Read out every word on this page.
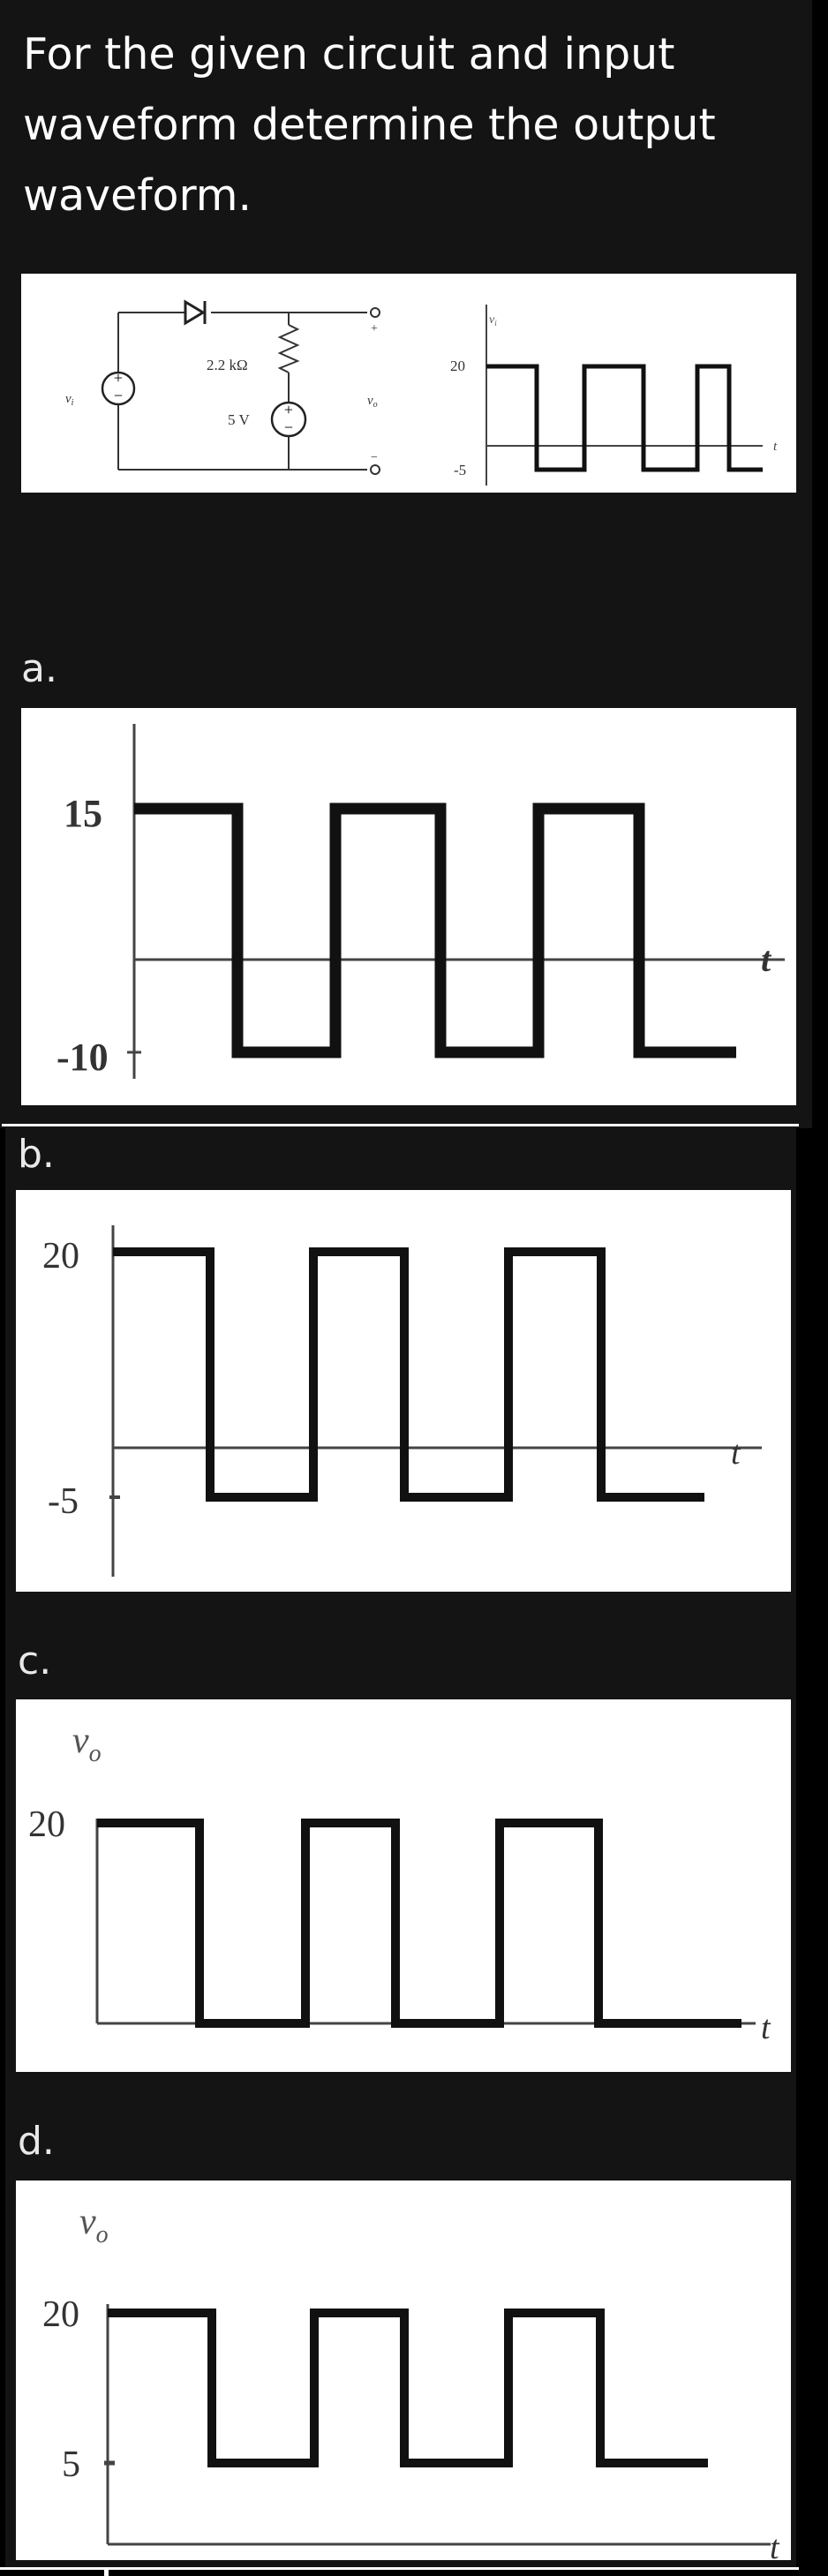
For the given circuit and input waveform determine the output waveform.
+
−
$v_i$	+
−
2.2 kΩ
5 V
+
−
$v_o$
$v_i$
20
-5
t
a.
15
-10
t
b.
20
-5
t
c.
$v_o$
20
t
d.
$v_o$
20
5
t
